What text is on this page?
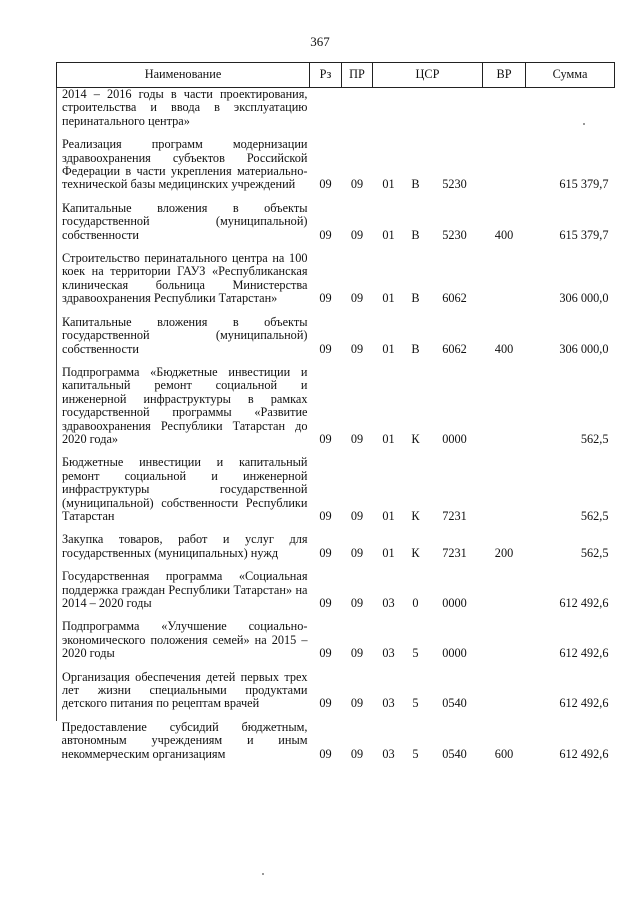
367
Наименование	Рз	ПР	ЦСР			ВР	Сумма
2014 – 2016 годы в части проектирования, строительства и ввода в эксплуатацию перинатального центра»							

Реализация программ модернизации здравоохранения субъектов Российской Федерации в части укрепления материально-технической базы медицинских учреждений	09	09	01	В	5230		615 379,7

Капитальные вложения в объекты государственной (муниципальной) собственности	09	09	01	В	5230	400	615 379,7

Строительство перинатального центра на 100 коек на территории ГАУЗ «Республиканская клиническая больница Министерства здравоохранения Республики Татарстан»	09	09	01	В	6062		306 000,0

Капитальные вложения в объекты государственной (муниципальной) собственности	09	09	01	В	6062	400	306 000,0

Подпрограмма «Бюджетные инвестиции и капитальный ремонт социальной и инженерной инфраструктуры в рамках государственной программы «Развитие здравоохранения Республики Татарстан до 2020 года»	09	09	01	К	0000		562,5

Бюджетные инвестиции и капитальный ремонт социальной и инженерной инфраструктуры государственной (муниципальной) собственности Республики Татарстан	09	09	01	К	7231		562,5

Закупка товаров, работ и услуг для государственных (муниципальных) нужд	09	09	01	К	7231	200	562,5

Государственная программа «Социальная поддержка граждан Республики Татарстан» на 2014 – 2020 годы	09	09	03	0	0000		612 492,6

Подпрограмма «Улучшение социально-экономического положения семей» на 2015 – 2020 годы	09	09	03	5	0000		612 492,6

Организация обеспечения детей первых трех лет жизни специальными продуктами детского питания по рецептам врачей	09	09	03	5	0540		612 492,6

Предоставление субсидий бюджетным, автономным учреждениям и иным некоммерческим организациям	09	09	03	5	0540	600	612 492,6
